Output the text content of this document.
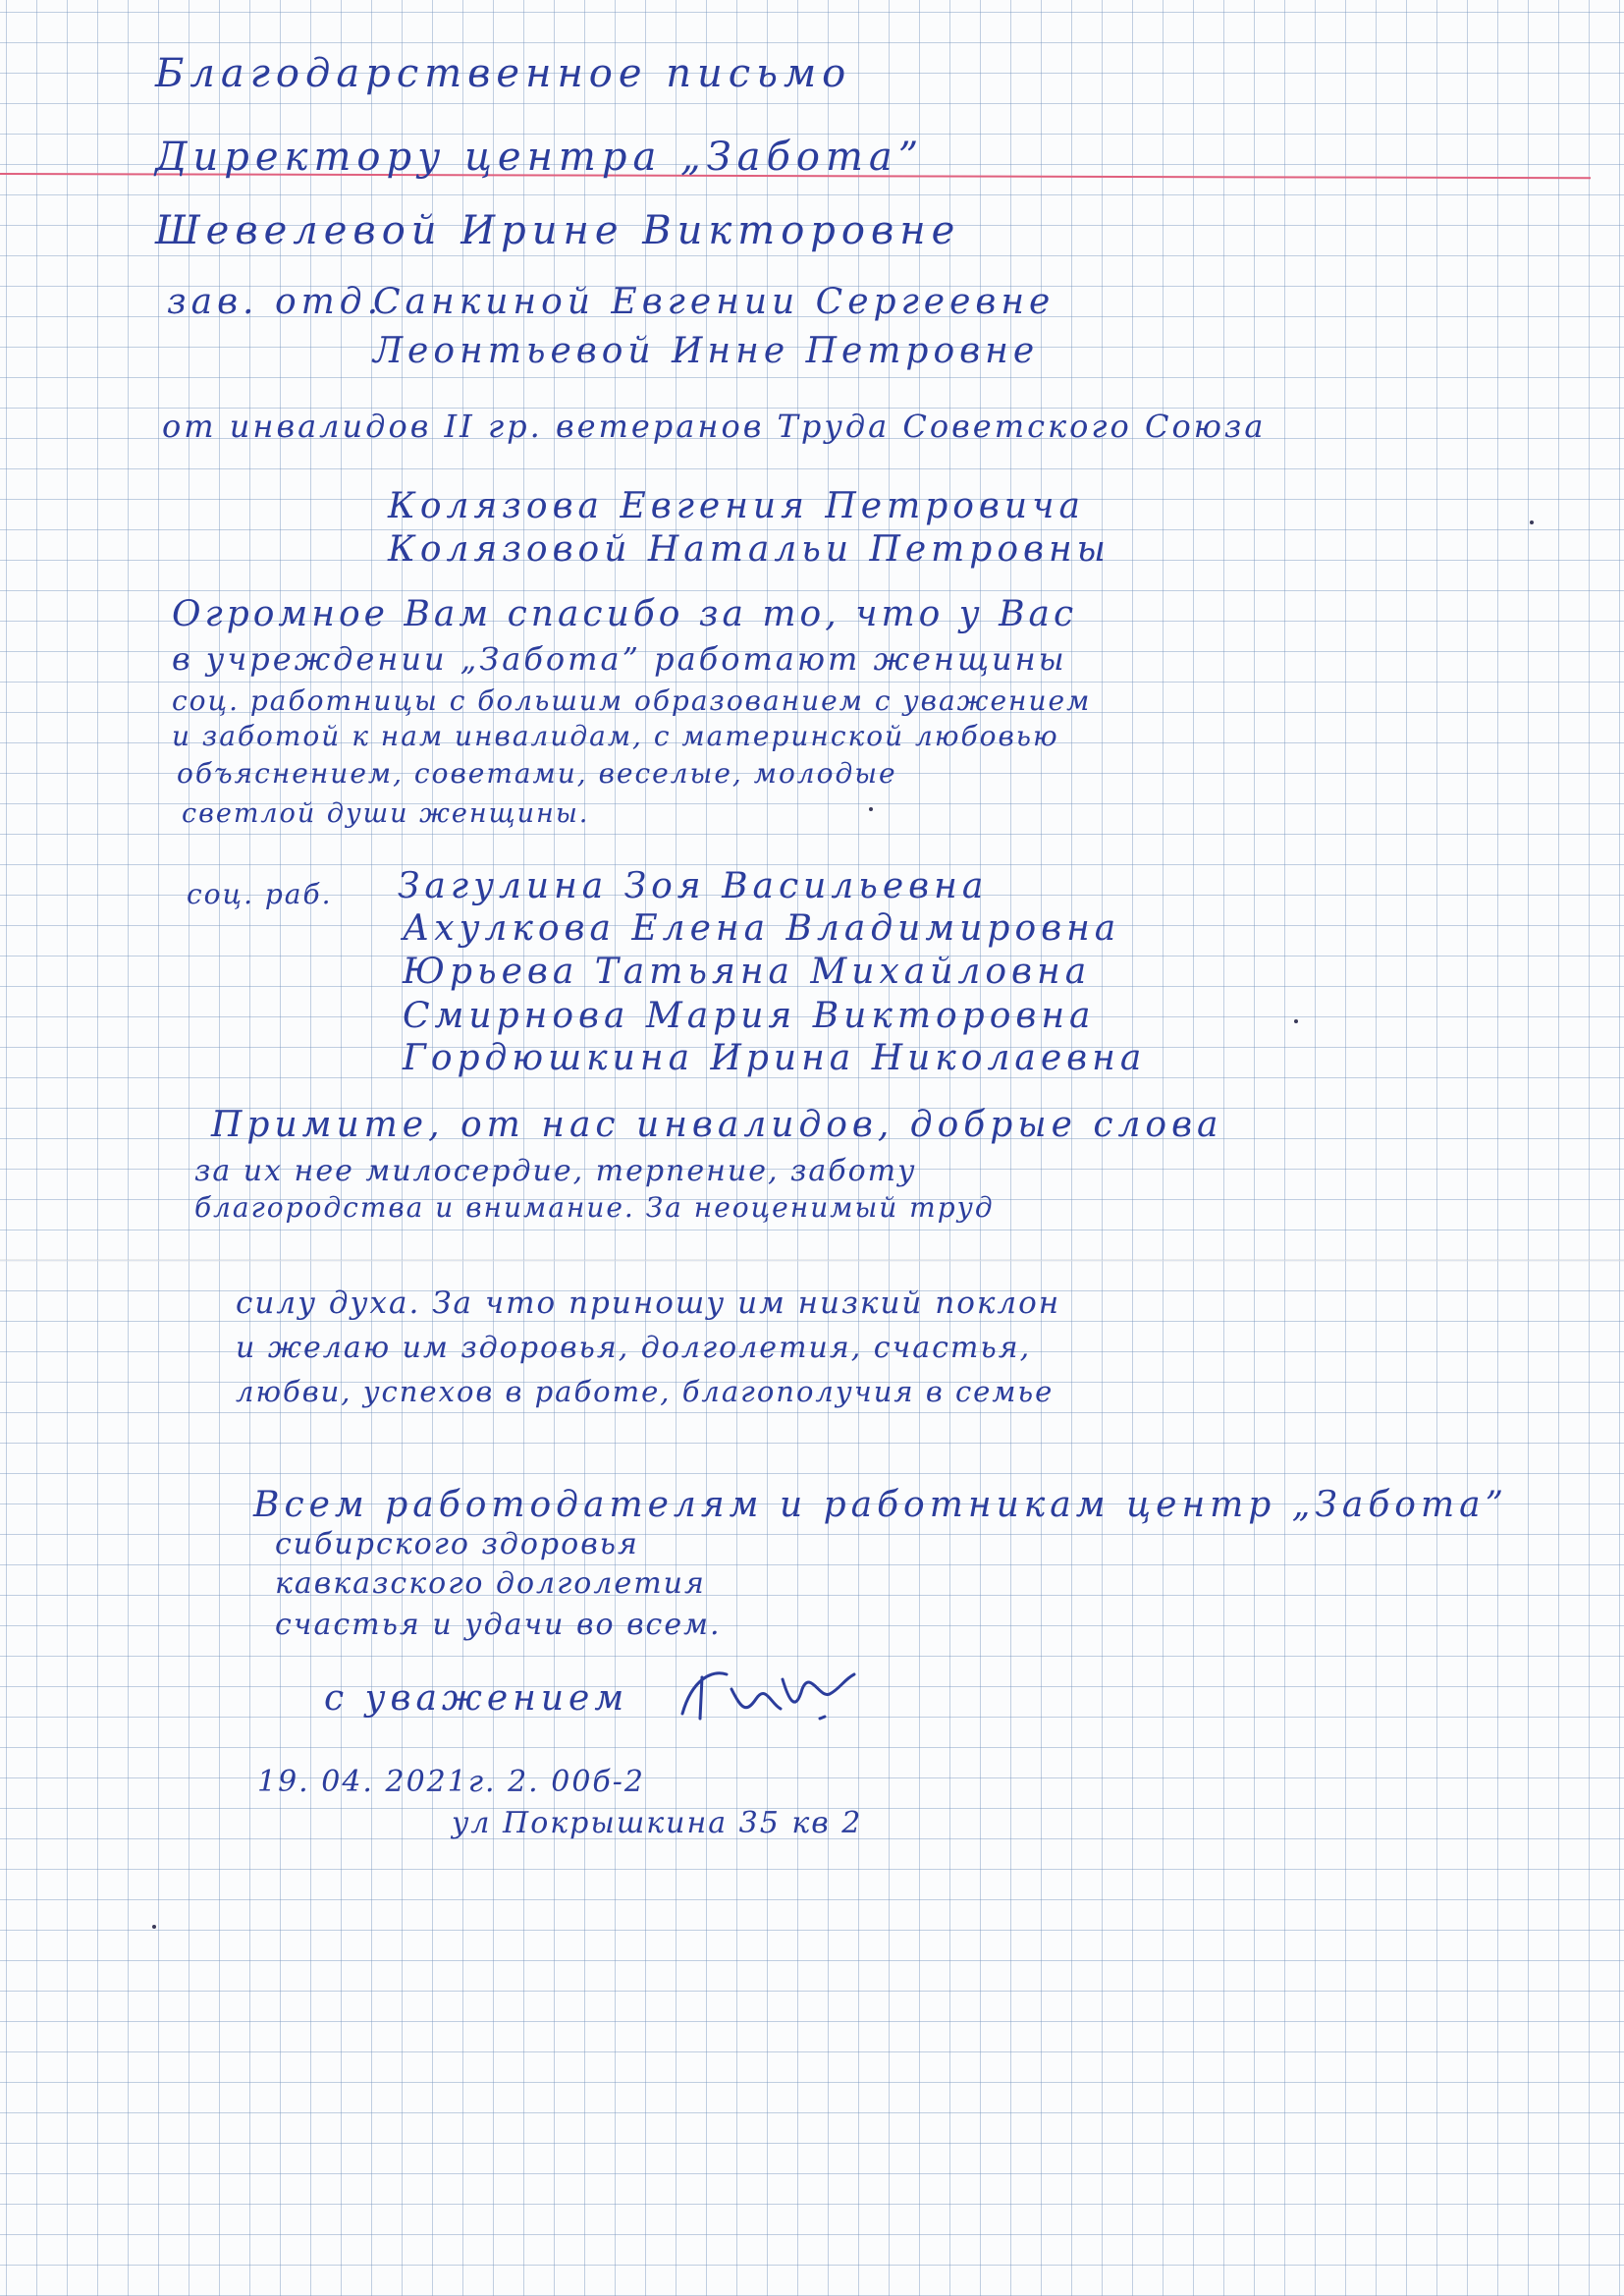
Благодарственное письмо
Директору центра „Забота”
Шевелевой Ирине Викторовне
зав. отд.
Санкиной Евгении Сергеевне
Леонтьевой Инне Петровне
от инвалидов II гр. ветеранов Труда Советского Союза
Колязова Евгения Петровича
Колязовой Натальи Петровны
Огромное Вам спасибо за то, что у Вас
в учреждении „Забота” работают женщины
соц. работницы с большим образованием с уважением
и заботой к нам инвалидам, с материнской любовью
объяснением, советами, веселые, молодые
светлой души женщины.
соц. раб. Загулина Зоя Васильевна
Ахулкова Елена Владимировна
Юрьева Татьяна Михайловна
Смирнова Мария Викторовна
Гордюшкина Ирина Николаевна
Примите, от нас инвалидов, добрые слова
за их нее милосердие, терпение, заботу
благородства и внимание. За неоценимый труд
силу духа. За что приношу им низкий поклон
и желаю им здоровья, долголетия, счастья,
любви, успехов в работе, благополучия в семье
Всем работодателям и работникам центр „Забота”
сибирского здоровья
кавказского долголетия
счастья и удачи во всем.
с уважением
19. 04. 2021г. 2. 00б-2
ул Покрышкина 35 кв 2
